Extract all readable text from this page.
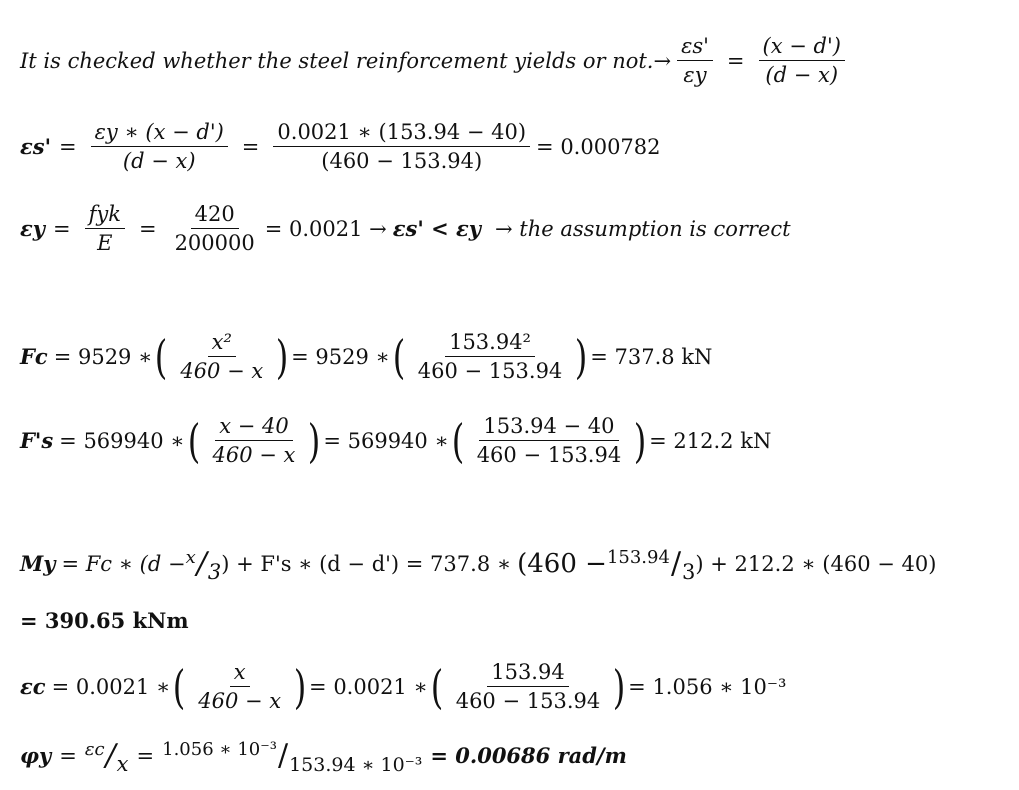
It is checked whether the steel reinforcement yields or $not.\to \frac{\varepsilon s'}{\varepsilon y} = \frac{(x - d')}{(d - x)}$
$\varepsilon s' = \frac{\varepsilon y ∗ (x - d')}{(d - x)} = \frac{0.0021 ∗ (153.94 - 40)}{(460 - 153.94)} = 0.000782$
$\varepsilon y = \frac{\text{fyk}}{E} = \frac{420}{200000} = 0.0021 \to \varepsilon s' < \varepsilon y$ → the assumption is correct
Fc = 9529 ∗ ( $\frac{\text{x²}}{460 - x}$ ) = 9529 ∗ ( $\frac{\text{153.94²}}{460 - 153.94}$ ) = 737.8 kN
F's = 569940 ∗ ( $\frac{x - 40}{460 - x}$ ) = 569940 ∗ ( $\frac{153.94 - 40}{460 - 153.94}$ ) = 212.2 kN
My = Fc ∗ (d − x / 3 ) + F's ∗ (d − d') = 737.8 ∗ (460 − 153.94 / 3 ) + 212.2 ∗ (460 − 40)
= 390.65 kNm
εc = 0.0021 ∗ ( $\frac{x}{460 - x}$ ) = 0.0021 ∗ ( $\frac{153.94}{460 - 153.94}$ ) = 1.056 ∗ 10⁻³
φy = εc / x = 1.056 ∗ 10⁻³ / 153.94 ∗ 10⁻³ = 0.00686 rad/m
